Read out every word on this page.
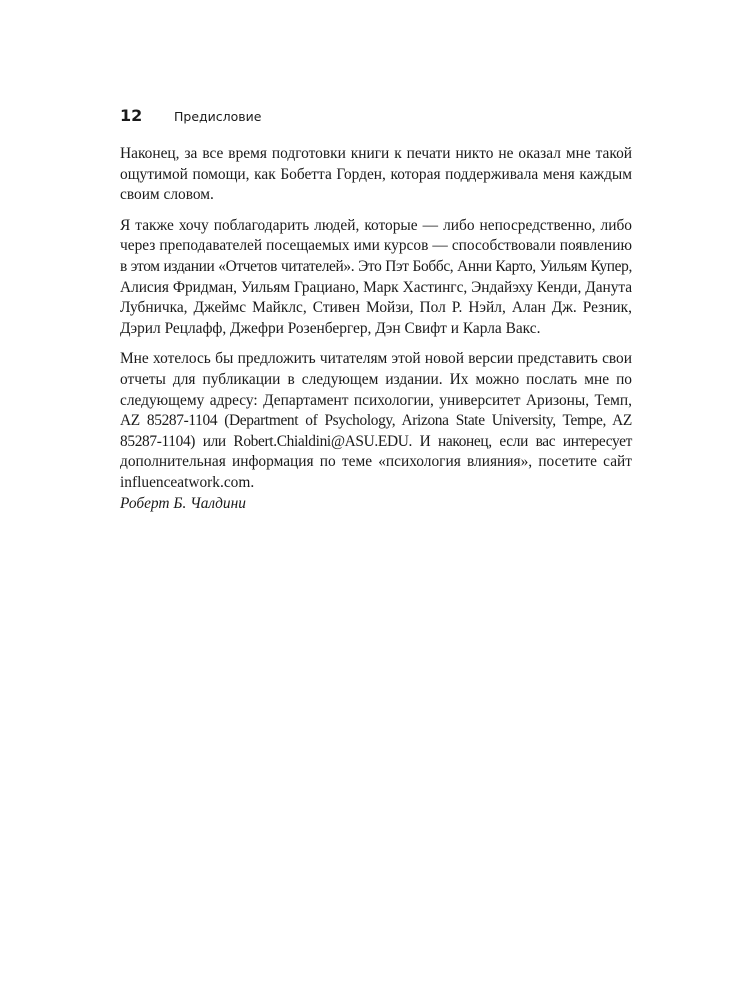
12	Предисловие

Наконец, за все время подготовки книги к печати никто не оказал мне такой
ощутимой помощи, как Бобетта Горден, которая поддерживала меня каждым
своим словом.

Я также хочу поблагодарить людей, которые — либо непосредственно, либо
через преподавателей посещаемых ими курсов — способствовали появлению
в этом издании «Отчетов читателей». Это Пэт Боббс, Анни Карто, Уильям Купер,
Алисия Фридман, Уильям Грациано, Марк Хастингс, Эндайэху Кенди, Данута
Лубничка, Джеймс Майклс, Стивен Мойзи, Пол Р. Нэйл, Алан Дж. Резник,
Дэрил Рецлафф, Джефри Розенбергер, Дэн Свифт и Карла Вакс.

Мне хотелось бы предложить читателям этой новой версии представить свои
отчеты для публикации в следующем издании. Их можно послать мне по
следующему адресу: Департамент психологии, университет Аризоны, Темп,
AZ 85287-1104 (Department of Psychology, Arizona State University, Tempe, AZ
85287-1104) или Robert.Chialdini@ASU.EDU. И наконец, если вас интересует
дополнительная информация по теме «психология влияния», посетите сайт
influenceatwork.com.
Роберт Б. Чалдини
